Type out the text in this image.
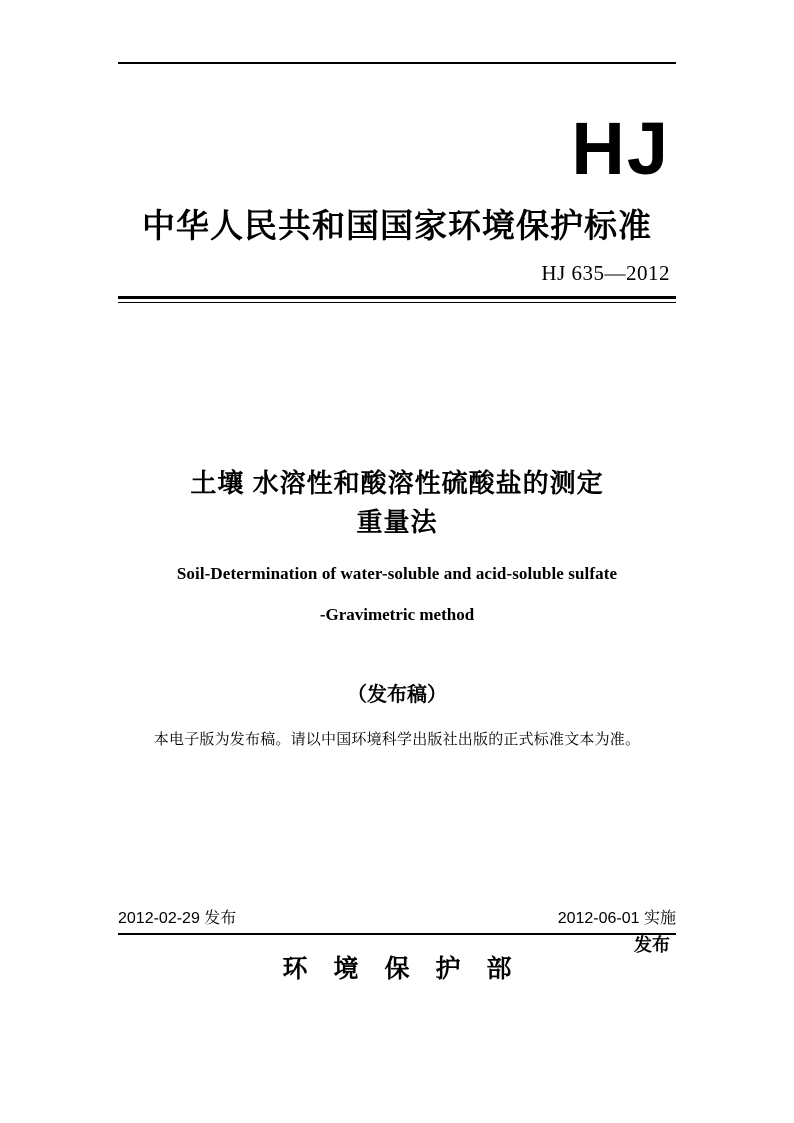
HJ
中华人民共和国国家环境保护标准
HJ 635—2012
土壤 水溶性和酸溶性硫酸盐的测定
重量法
Soil-Determination of water-soluble and acid-soluble sulfate
-Gravimetric method
（发布稿）
本电子版为发布稿。请以中国环境科学出版社出版的正式标准文本为准。
2012-02-29 发布	2012-06-01 实施
发布
环境保护部
